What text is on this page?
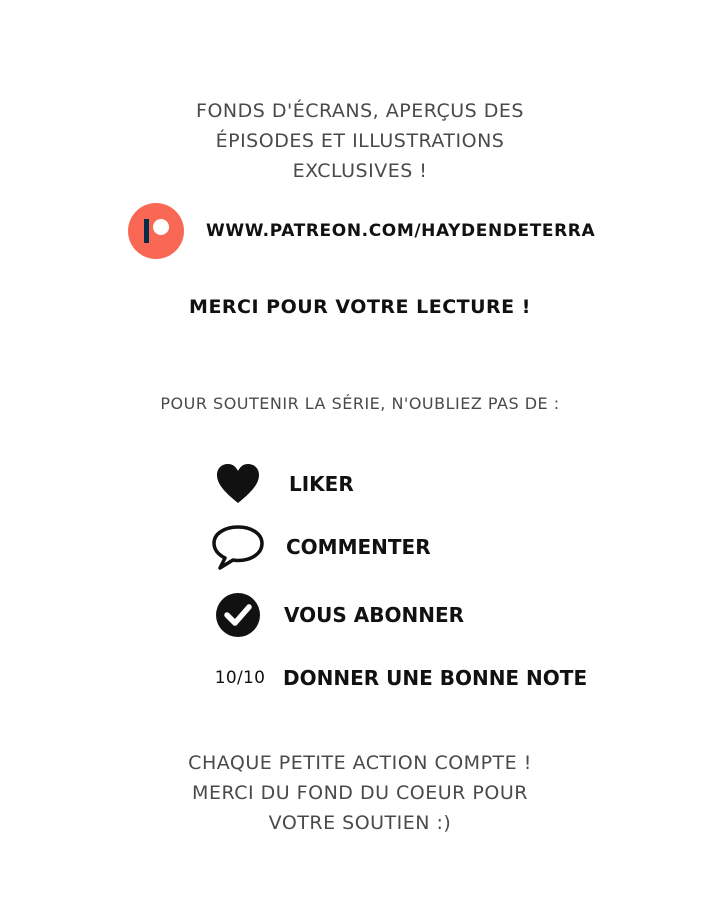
FONDS D'ÉCRANS, APERÇUS DES
ÉPISODES ET ILLUSTRATIONS
EXCLUSIVES !
WWW.PATREON.COM/HAYDENDETERRA
MERCI POUR VOTRE LECTURE !
POUR SOUTENIR LA SÉRIE, N'OUBLIEZ PAS DE :
LIKER
COMMENTER
VOUS ABONNER
10/10 DONNER UNE BONNE NOTE
CHAQUE PETITE ACTION COMPTE !
MERCI DU FOND DU COEUR POUR
VOTRE SOUTIEN :)
